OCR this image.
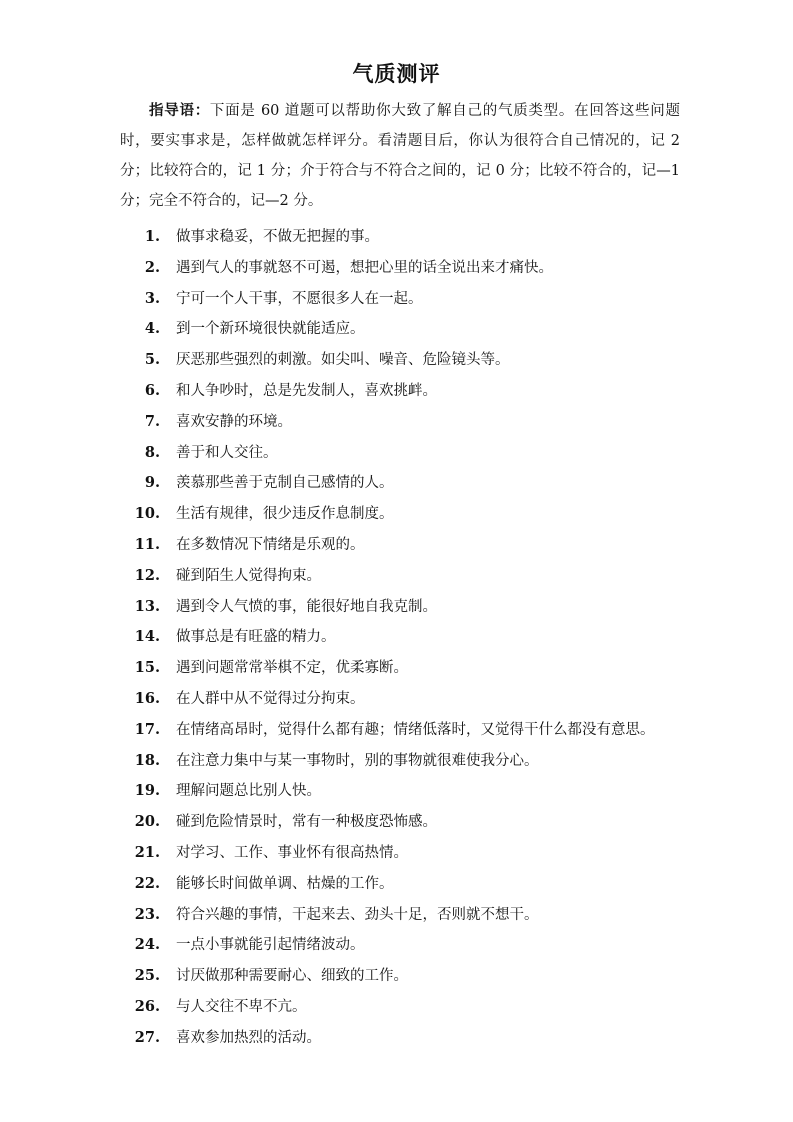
气质测评

指导语：下面是 60 道题可以帮助你大致了解自己的气质类型。在回答这些问题时，要实事求是，怎样做就怎样评分。看清题目后，你认为很符合自己情况的，记 2 分；比较符合的，记 1 分；介于符合与不符合之间的，记 0 分；比较不符合的，记—1 分；完全不符合的，记—2 分。

1. 做事求稳妥，不做无把握的事。
2. 遇到气人的事就怒不可遏，想把心里的话全说出来才痛快。
3. 宁可一个人干事，不愿很多人在一起。
4. 到一个新环境很快就能适应。
5. 厌恶那些强烈的刺激。如尖叫、噪音、危险镜头等。
6. 和人争吵时，总是先发制人，喜欢挑衅。
7. 喜欢安静的环境。
8. 善于和人交往。
9. 羡慕那些善于克制自己感情的人。
10. 生活有规律，很少违反作息制度。
11. 在多数情况下情绪是乐观的。
12. 碰到陌生人觉得拘束。
13. 遇到令人气愤的事，能很好地自我克制。
14. 做事总是有旺盛的精力。
15. 遇到问题常常举棋不定，优柔寡断。
16. 在人群中从不觉得过分拘束。
17. 在情绪高昂时，觉得什么都有趣；情绪低落时，又觉得干什么都没有意思。
18. 在注意力集中与某一事物时，别的事物就很难使我分心。
19. 理解问题总比别人快。
20. 碰到危险情景时，常有一种极度恐怖感。
21. 对学习、工作、事业怀有很高热情。
22. 能够长时间做单调、枯燥的工作。
23. 符合兴趣的事情，干起来去、劲头十足，否则就不想干。
24. 一点小事就能引起情绪波动。
25. 讨厌做那种需要耐心、细致的工作。
26. 与人交往不卑不亢。
27. 喜欢参加热烈的活动。
